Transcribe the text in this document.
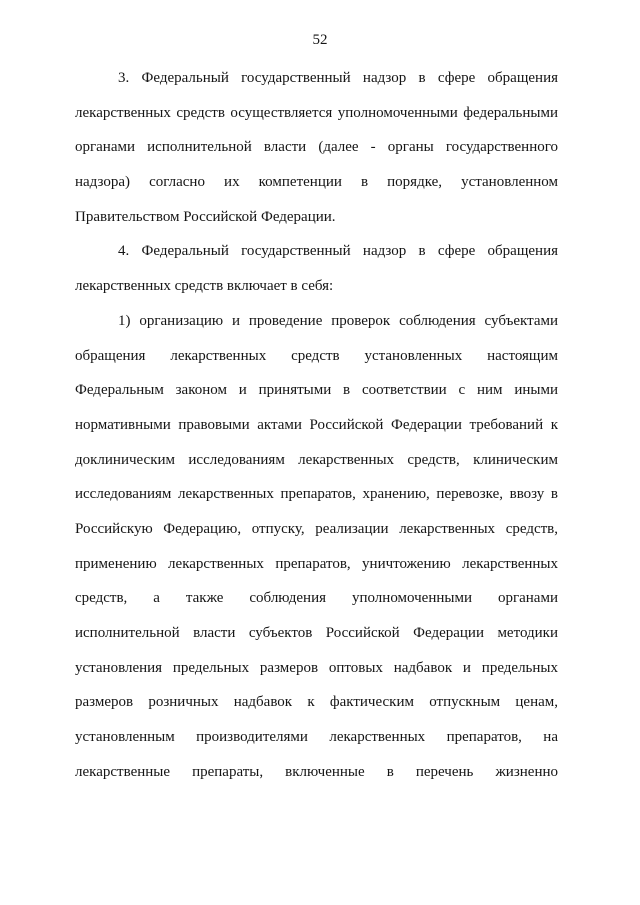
52
3. Федеральный государственный надзор в сфере обращения
лекарственных средств осуществляется уполномоченными федеральными
органами исполнительной власти (далее - органы государственного
надзора) согласно их компетенции в порядке, установленном
Правительством Российской Федерации.
4. Федеральный государственный надзор в сфере обращения
лекарственных средств включает в себя:
1) организацию и проведение проверок соблюдения субъектами
обращения лекарственных средств установленных настоящим
Федеральным законом и принятыми в соответствии с ним иными
нормативными правовыми актами Российской Федерации требований к
доклиническим исследованиям лекарственных средств, клиническим
исследованиям лекарственных препаратов, хранению, перевозке, ввозу в
Российскую Федерацию, отпуску, реализации лекарственных средств,
применению лекарственных препаратов, уничтожению лекарственных
средств, а также соблюдения уполномоченными органами
исполнительной власти субъектов Российской Федерации методики
установления предельных размеров оптовых надбавок и предельных
размеров розничных надбавок к фактическим отпускным ценам,
установленным производителями лекарственных препаратов, на
лекарственные препараты, включенные в перечень жизненно
